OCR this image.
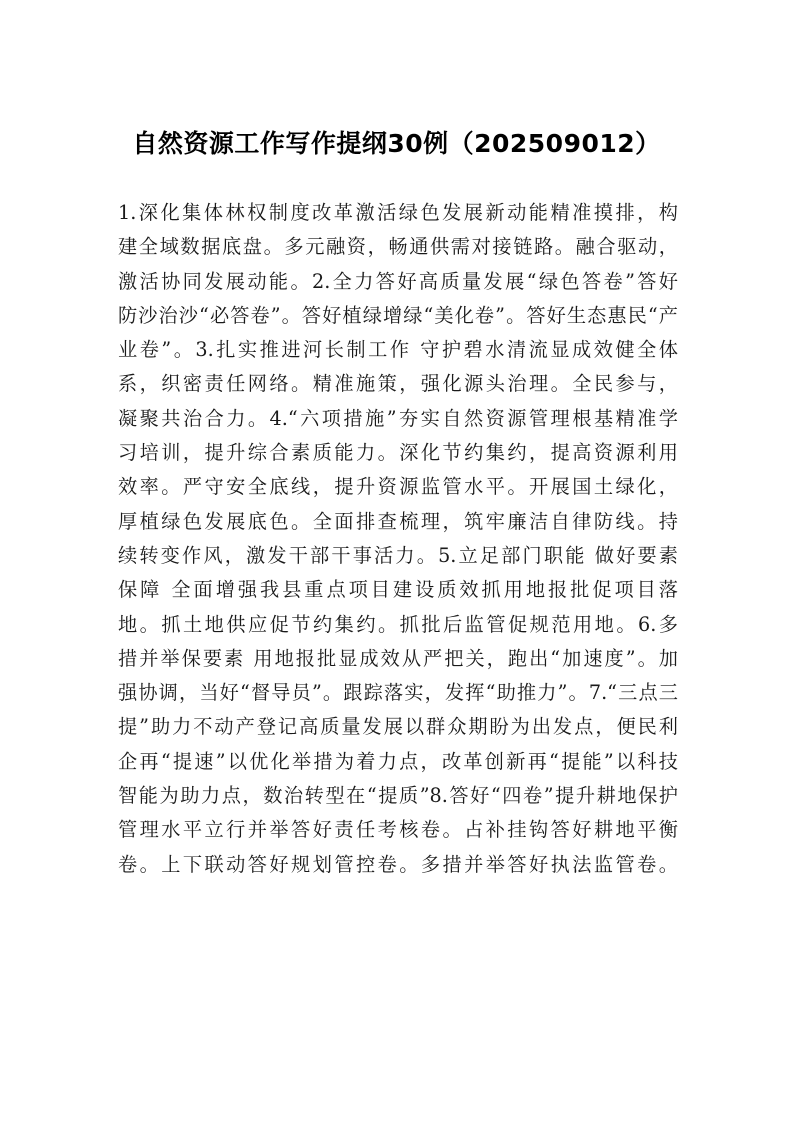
自然资源工作写作提纲30例（202509012）
1.深化集体林权制度改革激活绿色发展新动能精准摸排，构
建全域数据底盘。多元融资，畅通供需对接链路。融合驱动，
激活协同发展动能。2.全力答好高质量发展“绿色答卷”答好
防沙治沙“必答卷”。答好植绿增绿“美化卷”。答好生态惠民“产
业卷”。3.扎实推进河长制工作 守护碧水清流显成效健全体
系，织密责任网络。精准施策，强化源头治理。全民参与，
凝聚共治合力。4.“六项措施”夯实自然资源管理根基精准学
习培训，提升综合素质能力。深化节约集约，提高资源利用
效率。严守安全底线，提升资源监管水平。开展国土绿化，
厚植绿色发展底色。全面排查梳理，筑牢廉洁自律防线。持
续转变作风，激发干部干事活力。5.立足部门职能 做好要素
保障 全面增强我县重点项目建设质效抓用地报批促项目落
地。抓土地供应促节约集约。抓批后监管促规范用地。6.多
措并举保要素 用地报批显成效从严把关，跑出“加速度”。加
强协调，当好“督导员”。跟踪落实，发挥“助推力”。7.“三点三
提”助力不动产登记高质量发展以群众期盼为出发点，便民利
企再“提速”以优化举措为着力点，改革创新再“提能”以科技
智能为助力点，数治转型在“提质”8.答好“四卷”提升耕地保护
管理水平立行并举答好责任考核卷。占补挂钩答好耕地平衡
卷。上下联动答好规划管控卷。多措并举答好执法监管卷。
